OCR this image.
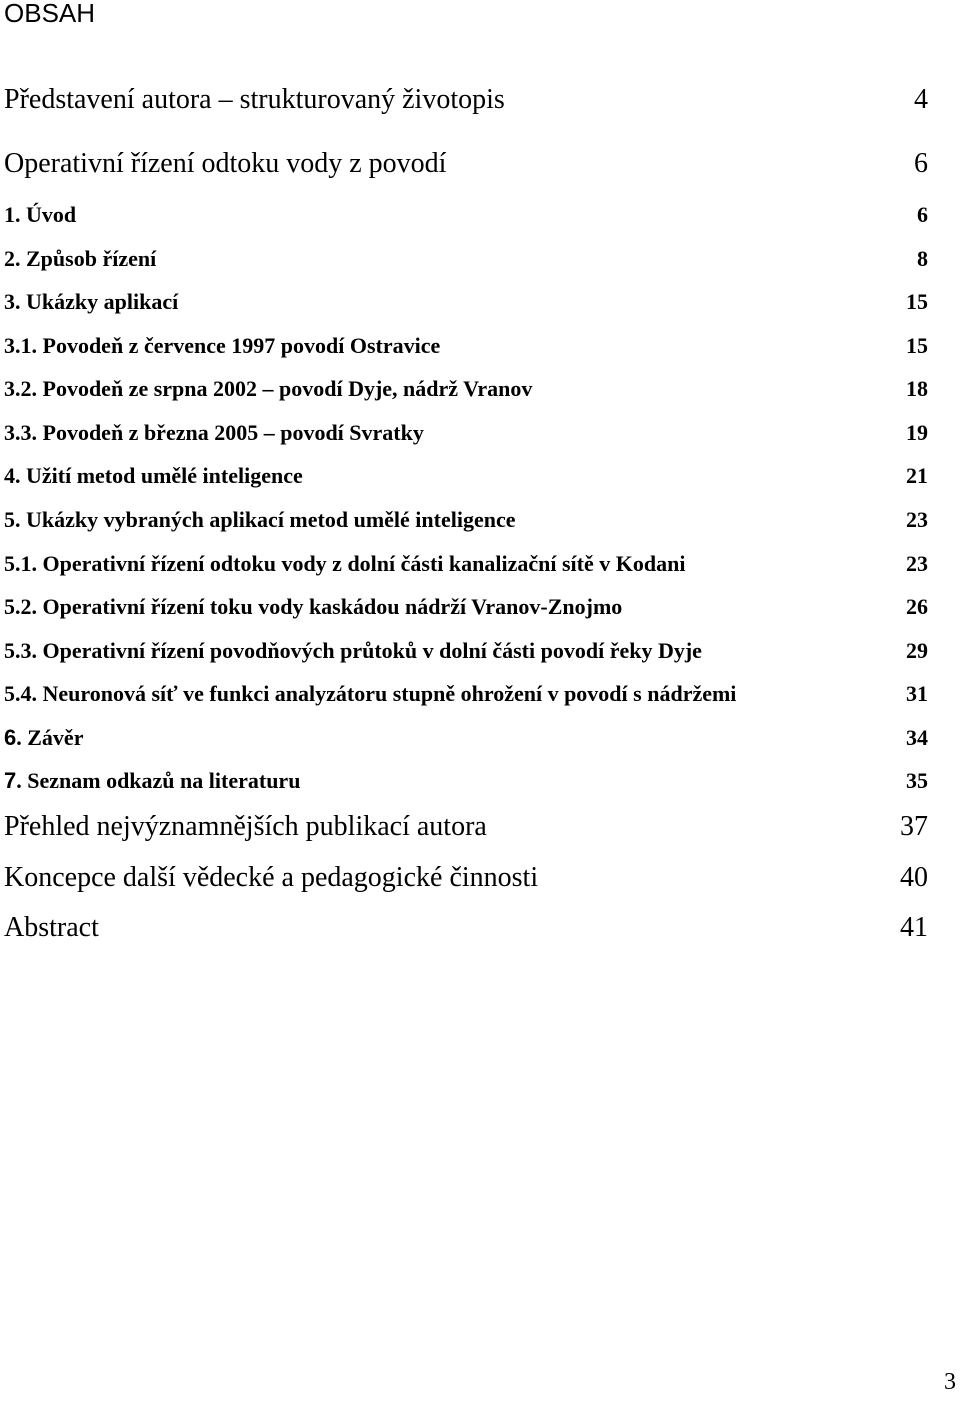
OBSAH
Představení autora – strukturovaný životopis	4
Operativní řízení odtoku vody z povodí	6
1. Úvod	6
2. Způsob řízení	8
3. Ukázky aplikací	15
3.1. Povodeň z července 1997 povodí Ostravice	15
3.2. Povodeň ze srpna 2002 – povodí Dyje, nádrž Vranov	18
3.3. Povodeň z března 2005 – povodí Svratky	19
4. Užití metod umělé inteligence	21
5. Ukázky vybraných aplikací metod umělé inteligence	23
5.1. Operativní řízení odtoku vody z dolní části kanalizační sítě v Kodani	23
5.2. Operativní řízení toku vody kaskádou nádrží Vranov-Znojmo	26
5.3. Operativní řízení povodňových průtoků v dolní části povodí řeky Dyje	29
5.4. Neuronová síť ve funkci analyzátoru stupně ohrožení v povodí s nádržemi	31
6. Závěr	34
7. Seznam odkazů na literaturu	35
Přehled nejvýznamnějších publikací autora	37
Koncepce další vědecké a pedagogické činnosti	40
Abstract	41
3
